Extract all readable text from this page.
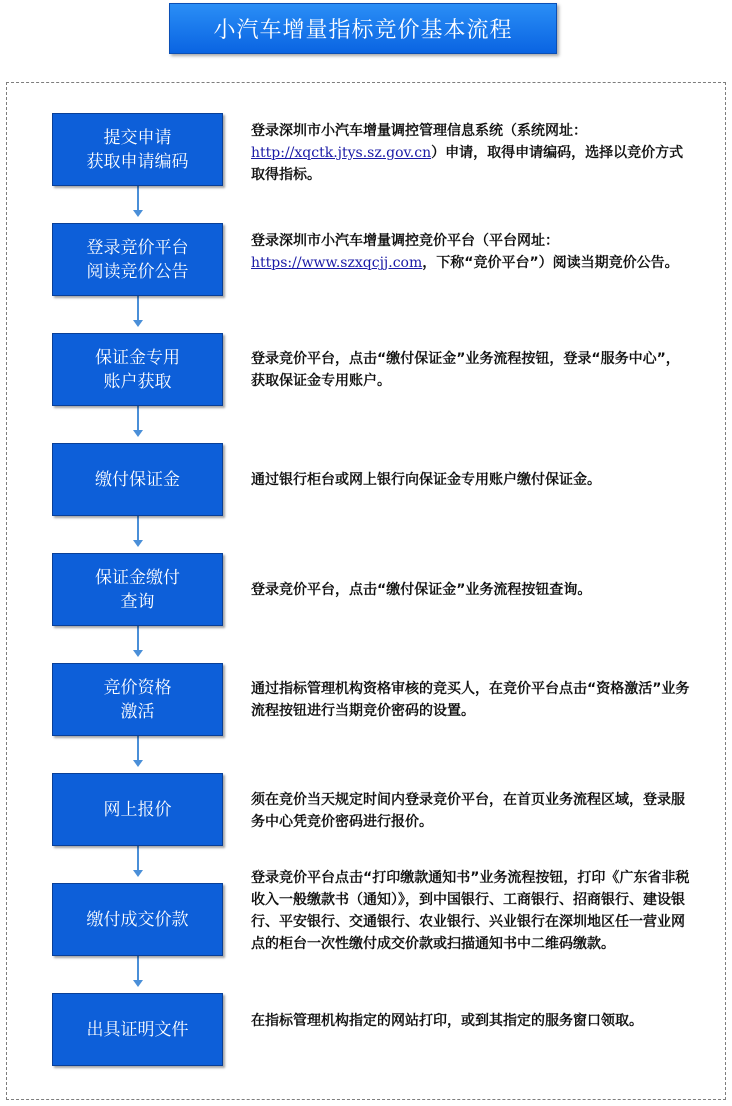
小汽车增量指标竞价基本流程
提交申请
获取申请编码
登录深圳市小汽车增量调控管理信息系统（系统网址：http://xqctk.jtys.sz.gov.cn）申请，取得申请编码，选择以竞价方式取得指标。
登录竞价平台
阅读竞价公告
登录深圳市小汽车增量调控竞价平台（平台网址：https://www.szxqcjj.com，下称“竞价平台”）阅读当期竞价公告。
保证金专用
账户获取
登录竞价平台，点击“缴付保证金”业务流程按钮，登录“服务中心”，获取保证金专用账户。
缴付保证金	通过银行柜台或网上银行向保证金专用账户缴付保证金。
保证金缴付
查询
登录竞价平台，点击“缴付保证金”业务流程按钮查询。
竞价资格
激活
通过指标管理机构资格审核的竞买人，在竞价平台点击“资格激活”业务流程按钮进行当期竞价密码的设置。
网上报价	须在竞价当天规定时间内登录竞价平台，在首页业务流程区域，登录服务中心凭竞价密码进行报价。
缴付成交价款
登录竞价平台点击“打印缴款通知书”业务流程按钮，打印《广东省非税收入一般缴款书（通知）》，到中国银行、工商银行、招商银行、建设银行、平安银行、交通银行、农业银行、兴业银行在深圳地区任一营业网点的柜台一次性缴付成交价款或扫描通知书中二维码缴款。
出具证明文件	在指标管理机构指定的网站打印，或到其指定的服务窗口领取。
